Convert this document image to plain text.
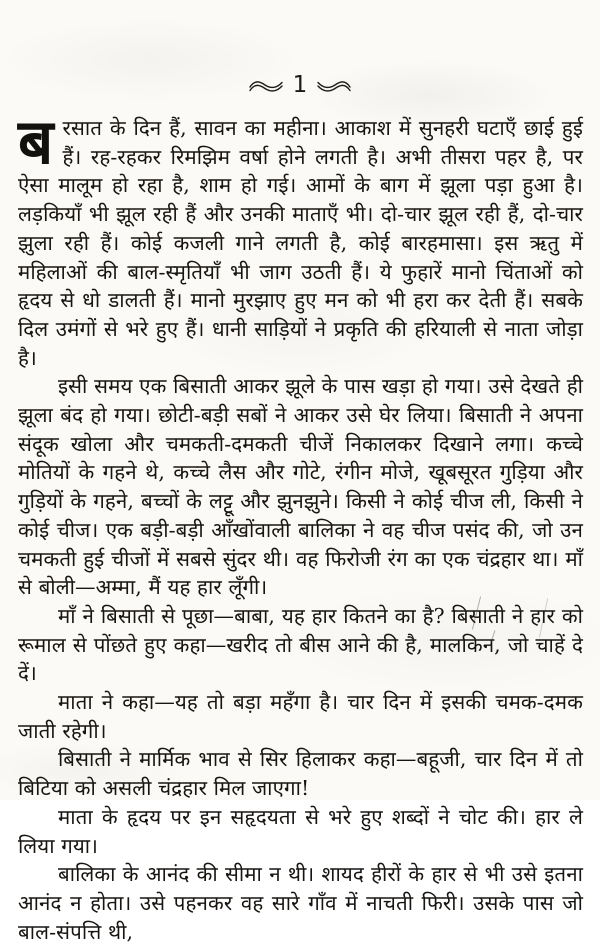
1

बरसात के दिन हैं, सावन का महीना। आकाश में सुनहरी घटाएँ छाई हुई हैं। रह-रहकर रिमझिम वर्षा होने लगती है। अभी तीसरा पहर है, पर ऐसा मालूम हो रहा है, शाम हो गई। आमों के बाग में झूला पड़ा हुआ है। लड़कियाँ भी झूल रही हैं और उनकी माताएँ भी। दो-चार झूल रही हैं, दो-चार झुला रही हैं। कोई कजली गाने लगती है, कोई बारहमासा। इस ऋतु में महिलाओं की बाल-स्मृतियाँ भी जाग उठती हैं। ये फुहारें मानो चिंताओं को हृदय से धो डालती हैं। मानो मुरझाए हुए मन को भी हरा कर देती हैं। सबके दिल उमंगों से भरे हुए हैं। धानी साड़ियों ने प्रकृति की हरियाली से नाता जोड़ा है।

इसी समय एक बिसाती आकर झूले के पास खड़ा हो गया। उसे देखते ही झूला बंद हो गया। छोटी-बड़ी सबों ने आकर उसे घेर लिया। बिसाती ने अपना संदूक खोला और चमकती-दमकती चीजें निकालकर दिखाने लगा। कच्चे मोतियों के गहने थे, कच्चे लैस और गोटे, रंगीन मोजे, खूबसूरत गुड़िया और गुड़ियों के गहने, बच्चों के लट्टू और झुनझुने। किसी ने कोई चीज ली, किसी ने कोई चीज। एक बड़ी-बड़ी आँखोंवाली बालिका ने वह चीज पसंद की, जो उन चमकती हुई चीजों में सबसे सुंदर थी। वह फिरोजी रंग का एक चंद्रहार था। माँ से बोली—अम्मा, मैं यह हार लूँगी।

माँ ने बिसाती से पूछा—बाबा, यह हार कितने का है? बिसाती ने हार को रूमाल से पोंछते हुए कहा—खरीद तो बीस आने की है, मालकिन, जो चाहें दे दें।

माता ने कहा—यह तो बड़ा महँगा है। चार दिन में इसकी चमक-दमक जाती रहेगी।

बिसाती ने मार्मिक भाव से सिर हिलाकर कहा—बहूजी, चार दिन में तो बिटिया को असली चंद्रहार मिल जाएगा!

माता के हृदय पर इन सहृदयता से भरे हुए शब्दों ने चोट की। हार ले लिया गया।

बालिका के आनंद की सीमा न थी। शायद हीरों के हार से भी उसे इतना आनंद न होता। उसे पहनकर वह सारे गाँव में नाचती फिरी। उसके पास जो बाल-संपत्ति थी,
